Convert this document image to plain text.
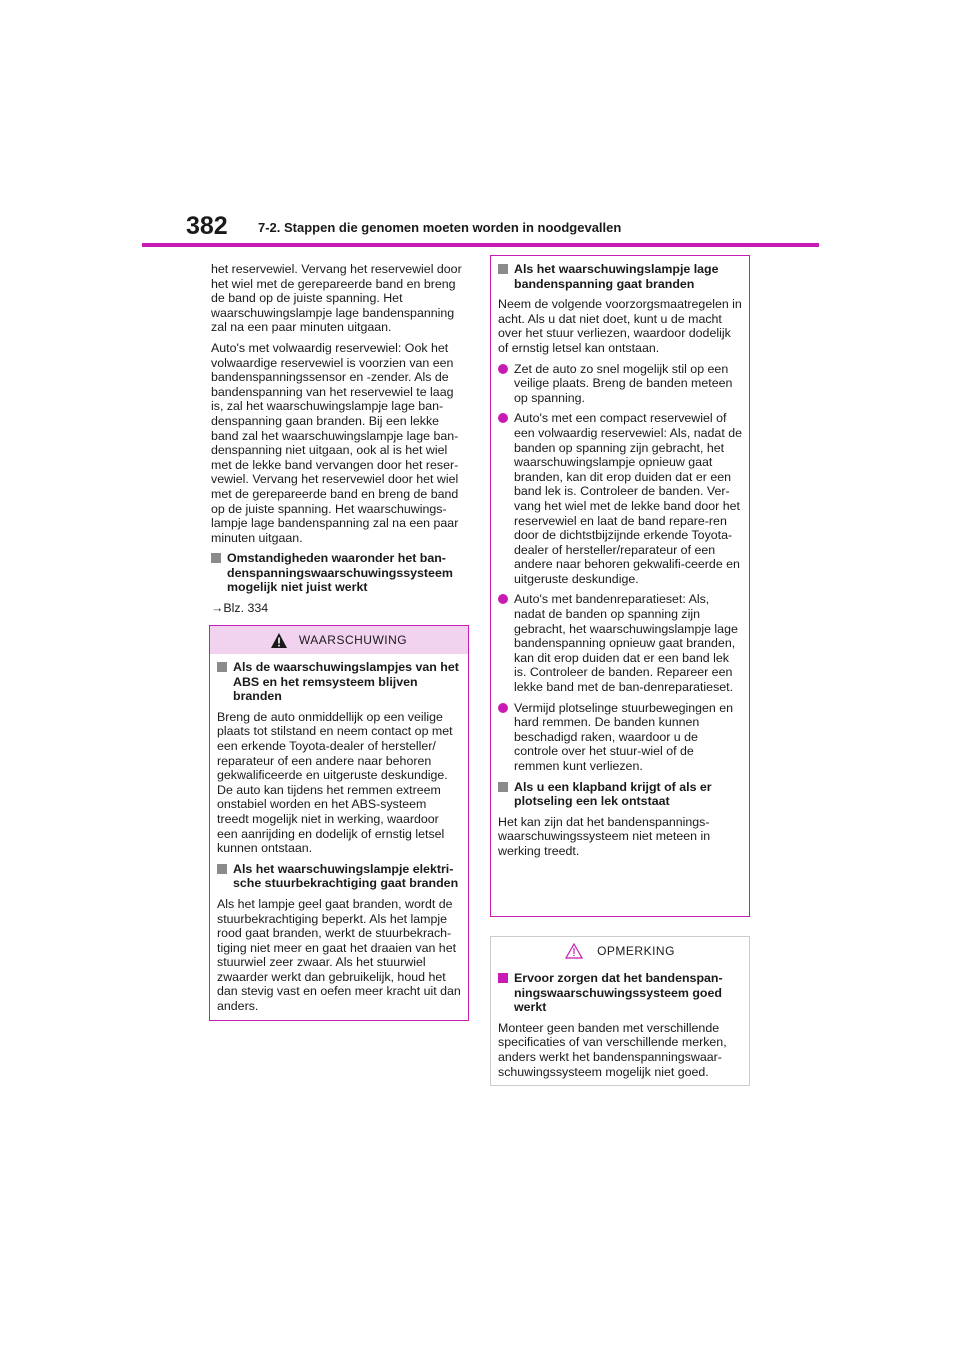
382 7-2. Stappen die genomen moeten worden in noodgevallen

het reservewiel. Vervang het reservewiel door het wiel met de gerepareerde band en breng de band op de juiste spanning. Het waarschuwingslampje lage bandenspanning zal na een paar minuten uitgaan.

Auto's met volwaardig reservewiel: Ook het volwaardige reservewiel is voorzien van een bandenspanningssensor en -zender. Als de bandenspanning van het reservewiel te laag is, zal het waarschuwingslampje lage ban-denspanning gaan branden. Bij een lekke band zal het waarschuwingslampje lage ban-denspanning niet uitgaan, ook al is het wiel met de lekke band vervangen door het reser-vewiel. Vervang het reservewiel door het wiel met de gerepareerde band en breng de band op de juiste spanning. Het waarschuwings-lampje lage bandenspanning zal na een paar minuten uitgaan.

Omstandigheden waaronder het ban-denspanningswaarschuwingssysteem mogelijk niet juist werkt
→Blz. 334
WAARSCHUWING
Als de waarschuwingslampjes van het ABS en het remsysteem blijven branden

Breng de auto onmiddellijk op een veilige plaats tot stilstand en neem contact op met een erkende Toyota-dealer of hersteller/ reparateur of een andere naar behoren gekwalificeerde en uitgeruste deskundige. De auto kan tijdens het remmen extreem onstabiel worden en het ABS-systeem treedt mogelijk niet in werking, waardoor een aanrijding en dodelijk of ernstig letsel kunnen ontstaan.

Als het waarschuwingslampje elektri-sche stuurbekrachtiging gaat branden

Als het lampje geel gaat branden, wordt de stuurbekrachtiging beperkt. Als het lampje rood gaat branden, werkt de stuurbekrach-tiging niet meer en gaat het draaien van het stuurwiel zeer zwaar. Als het stuurwiel zwaarder werkt dan gebruikelijk, houd het dan stevig vast en oefen meer kracht uit dan anders.

Als het waarschuwingslampje lage bandenspanning gaat branden

Neem de volgende voorzorgsmaatregelen in acht. Als u dat niet doet, kunt u de macht over het stuur verliezen, waardoor dodelijk of ernstig letsel kan ontstaan.

Zet de auto zo snel mogelijk stil op een veilige plaats. Breng de banden meteen op spanning.
Auto's met een compact reservewiel of een volwaardig reservewiel: Als, nadat de banden op spanning zijn gebracht, het waarschuwingslampje opnieuw gaat branden, kan dit erop duiden dat er een band lek is. Controleer de banden. Ver-vang het wiel met de lekke band door het reservewiel en laat de band repare-ren door de dichtstbijzijnde erkende Toyota-dealer of hersteller/reparateur of een andere naar behoren gekwalifi-ceerde en uitgeruste deskundige.
Auto's met bandenreparatieset: Als, nadat de banden op spanning zijn gebracht, het waarschuwingslampje lage bandenspanning opnieuw gaat branden, kan dit erop duiden dat er een band lek is. Controleer de banden. Repareer een lekke band met de ban-denreparatieset.
Vermijd plotselinge stuurbewegingen en hard remmen. De banden kunnen beschadigd raken, waardoor u de controle over het stuur-wiel of de remmen kunt verliezen.
Als u een klapband krijgt of als er plotseling een lek ontstaat

Het kan zijn dat het bandenspannings-waarschuwingssysteem niet meteen in werking treedt.

OPMERKING
Ervoor zorgen dat het bandenspan-ningswaarschuwingssysteem goed werkt

Monteer geen banden met verschillende specificaties of van verschillende merken, anders werkt het bandenspanningswaar-schuwingssysteem mogelijk niet goed.
